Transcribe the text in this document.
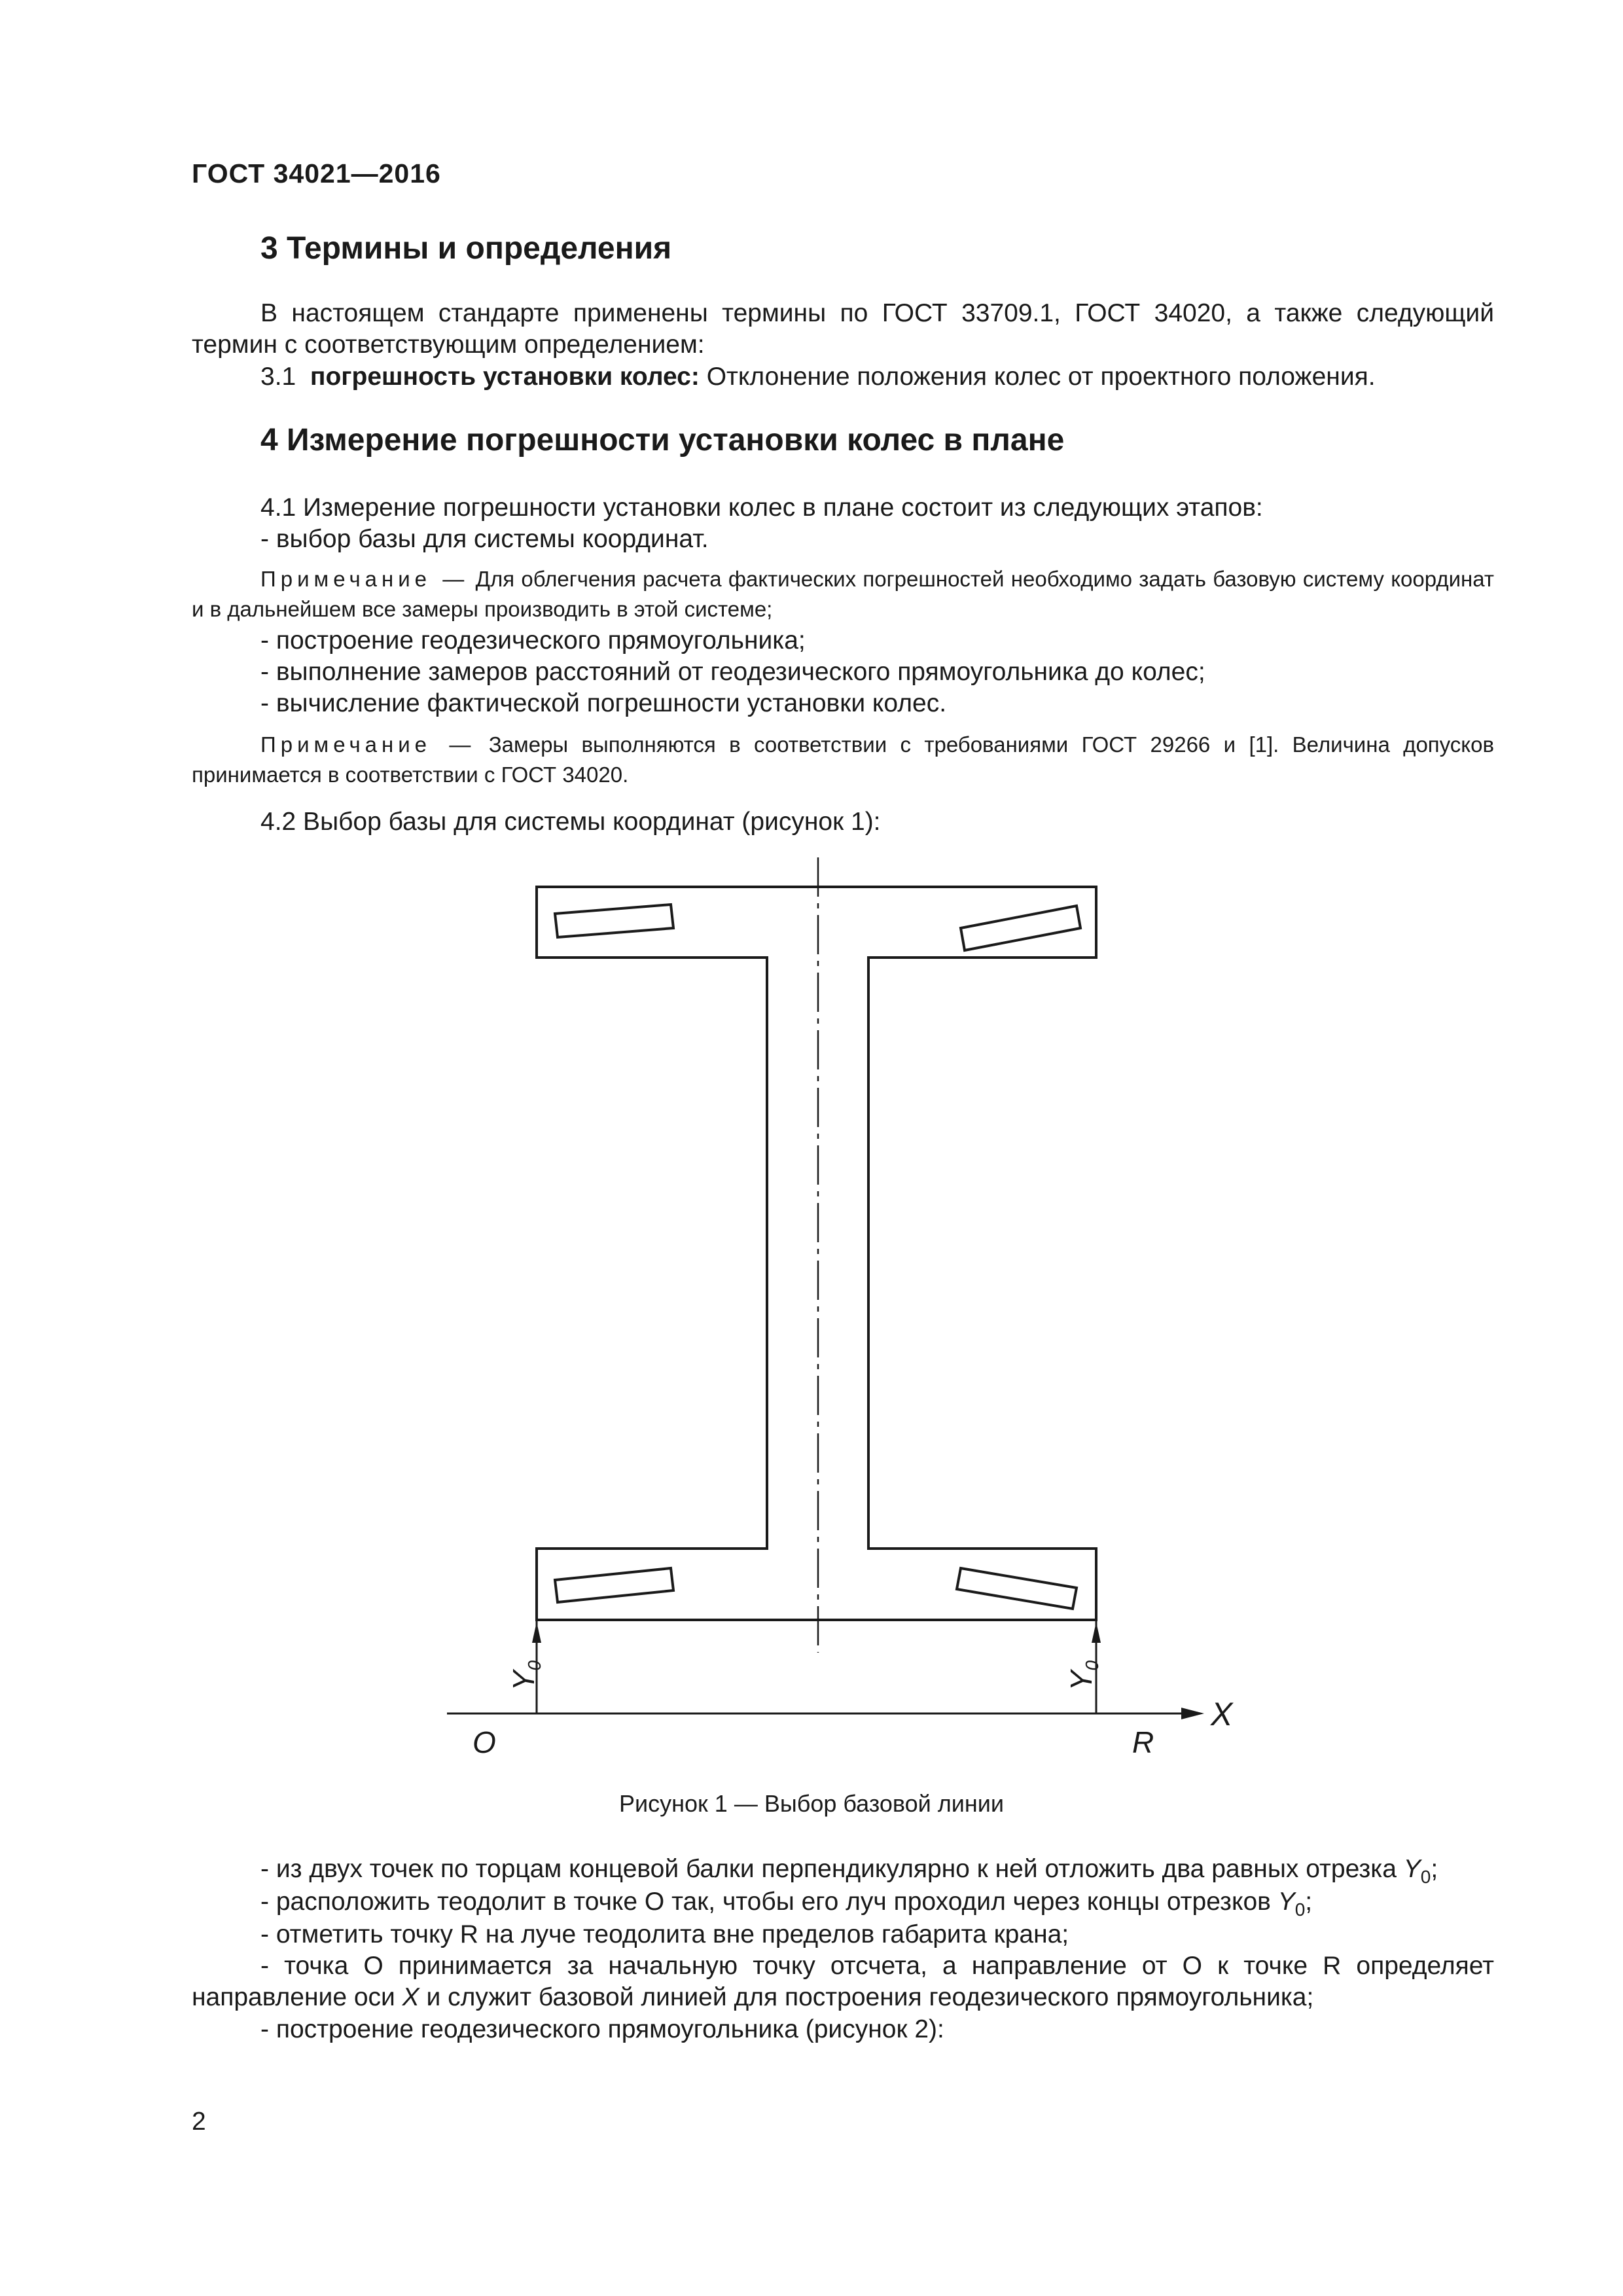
ГОСТ 34021—2016
3 Термины и определения
В настоящем стандарте применены термины по ГОСТ 33709.1, ГОСТ 34020, а также следующий термин с соответствующим определением:
3.1 погрешность установки колес: Отклонение положения колес от проектного положения.
4 Измерение погрешности установки колес в плане
4.1 Измерение погрешности установки колес в плане состоит из следующих этапов:
- выбор базы для системы координат.
Примечание — Для облегчения расчета фактических погрешностей необходимо задать базовую систему координат и в дальнейшем все замеры производить в этой системе;
- построение геодезического прямоугольника;
- выполнение замеров расстояний от геодезического прямоугольника до колес;
- вычисление фактической погрешности установки колес.
Примечание — Замеры выполняются в соответствии с требованиями ГОСТ 29266 и [1]. Величина допусков принимается в соответствии с ГОСТ 34020.
4.2 Выбор базы для системы координат (рисунок 1):
$Y_0$
$Y_0$
O	R
X
Рисунок 1 — Выбор базовой линии
- из двух точек по торцам концевой балки перпендикулярно к ней отложить два равных отрезка $Y_0$;
- расположить теодолит в точке О так, чтобы его луч проходил через концы отрезков $Y_0$;
- отметить точку R на луче теодолита вне пределов габарита крана;
- точка О принимается за начальную точку отсчета, а направление от О к точке R определяет направление оси X и служит базовой линией для построения геодезического прямоугольника;
- построение геодезического прямоугольника (рисунок 2):
2
